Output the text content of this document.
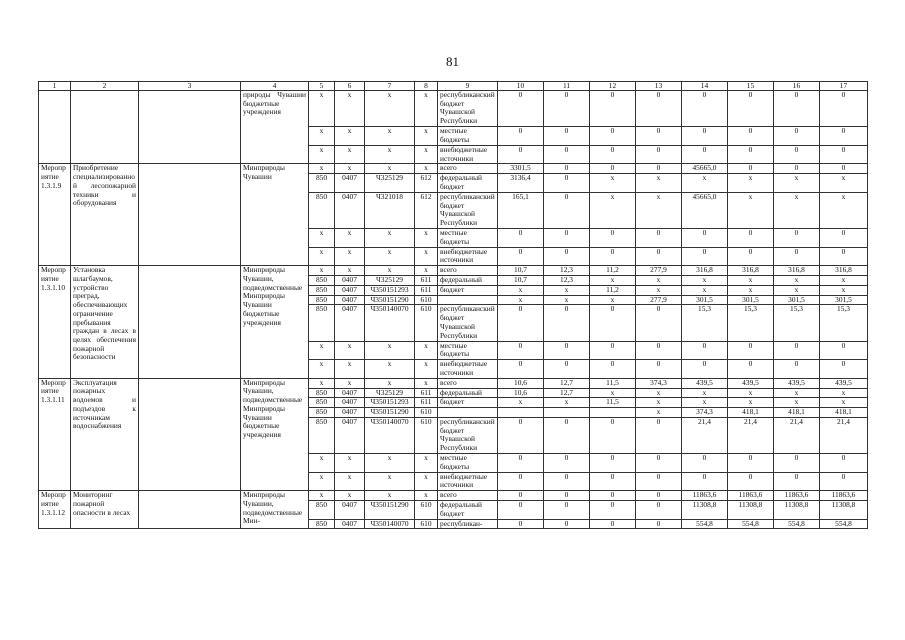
81
1	2	3	4	5	6	7	8	9	10	11	12	13	14	15	16	17
			природы Чувашии бюджетные учреждения	x	x	x	x	республиканский бюджет Чувашской Республики	0	0	0	0	0	0	0	0
				x	x	x	x	местные бюджеты	0	0	0	0	0	0	0	0
				x	x	x	x	внебюджетные источники	0	0	0	0	0	0	0	0
Мероприятие 1.3.1.9	Приобретение специализированной лесопожарной техники и оборудования		Минприроды Чувашии	x	x	x	x	всего	3301,5	0	0	0	45665,0	0	0	0
				850	0407	Ч325129	612	федеральный бюджет	3136,4	0	x	x	x	x	x	x
				850	0407	Ч321018	612	республиканский бюджет Чувашской Республики	165,1	0	x	x	45665,0	x	x	x
				x	x	x	x	местные бюджеты	0	0	0	0	0	0	0	0
				x	x	x	x	внебюджетные источники	0	0	0	0	0	0	0	0
Мероприятие 1.3.1.10	Установка шлагбаумов, устройство преград, обеспечивающих ограничение пребывания граждан в лесах в целях обеспечения пожарной безопасности		Минприроды Чувашии, подведомственные Минприроды Чувашии бюджетные учреждения	x	x	x	x	всего	10,7	12,3	11,2	277,9	316,8	316,8	316,8	316,8
				850	0407	Ч325129	611	федеральный	10,7	12,3	x	x	x	x	x	x
				850	0407	Ч350151293	611	бюджет	x	x	11,2	x	x	x	x	x
				850	0407	Ч350151290	610		x	x	x	277,9	301,5	301,5	301,5	301,5
				850	0407	Ч350140070	610	республиканский бюджет Чувашской Республики	0	0	0	0	15,3	15,3	15,3	15,3
				x	x	x	x	местные бюджеты	0	0	0	0	0	0	0	0
				x	x	x	x	внебюджетные источники	0	0	0	0	0	0	0	0
Мероприятие 1.3.1.11	Эксплуатация пожарных водоемов и подъездов к источникам водоснабжения		Минприроды Чувашии, подведомственные Минприроды Чувашии бюджетные учреждения	x	x	x	x	всего	10,6	12,7	11,5	374,3	439,5	439,5	439,5	439,5
				850	0407	Ч325129	611	федеральный	10,6	12,7	x	x	x	x	x	x
				850	0407	Ч350151293	611	бюджет	x	x	11,5	x	x	x	x	x
				850	0407	Ч350151290	610					x	374,3	418,1	418,1	418,1
				850	0407	Ч350140070	610	республиканский бюджет Чувашской Республики	0	0	0	0	21,4	21,4	21,4	21,4
				x	x	x	x	местные бюджеты	0	0	0	0	0	0	0	0
				x	x	x	x	внебюджетные источники	0	0	0	0	0	0	0	0
Мероприятие 1.3.1.12	Мониторинг пожарной опасности в лесах		Минприроды Чувашии, подведомственные Мин-	x	x	x	x	всего	0	0	0	0	11863,6	11863,6	11863,6	11863,6
				850	0407	Ч350151290	610	федеральный бюджет	0	0	0	0	11308,8	11308,8	11308,8	11308,8
				850	0407	Ч350140070	610	республикан-	0	0	0	0	554,8	554,8	554,8	554,8
